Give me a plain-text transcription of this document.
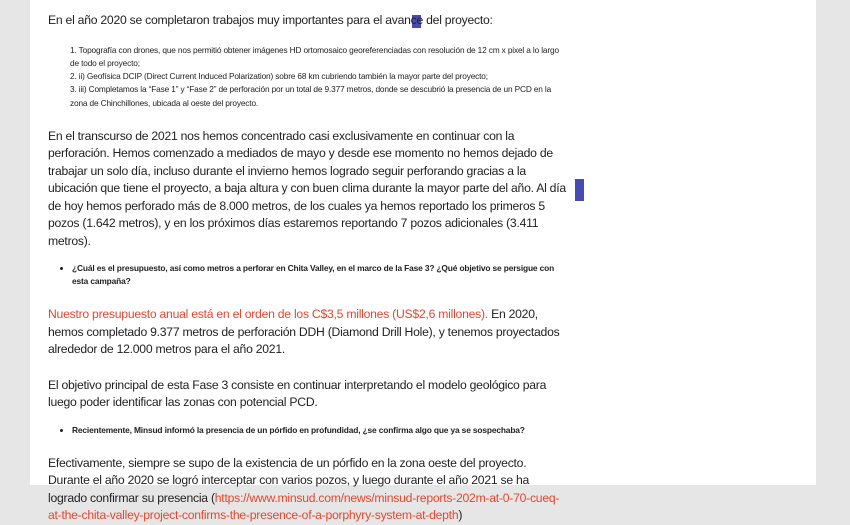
En el año 2020 se completaron trabajos muy importantes para el avance del proyecto:

1. Topografía con drones, que nos permitió obtener imágenes HD ortomosaico georeferenciadas con resolución de 12 cm x pixel a lo largo de todo el proyecto;
2. ii) Geofísica DCIP (Direct Current Induced Polarization) sobre 68 km cubriendo también la mayor parte del proyecto;
3. iii) Completamos la “Fase 1” y “Fase 2” de perforación por un total de 9.377 metros, donde se descubrió la presencia de un PCD en la zona de Chinchillones, ubicada al oeste del proyecto.

En el transcurso de 2021 nos hemos concentrado casi exclusivamente en continuar con la perforación. Hemos comenzado a mediados de mayo y desde ese momento no hemos dejado de trabajar un solo día, incluso durante el invierno hemos logrado seguir perforando gracias a la ubicación que tiene el proyecto, a baja altura y con buen clima durante la mayor parte del año. Al día de hoy hemos perforado más de 8.000 metros, de los cuales ya hemos reportado los primeros 5 pozos (1.642 metros), y en los próximos días estaremos reportando 7 pozos adicionales (3.411 metros).

• ¿Cuál es el presupuesto, así como metros a perforar en Chita Valley, en el marco de la Fase 3? ¿Qué objetivo se persigue con esta campaña?

Nuestro presupuesto anual está en el orden de los C$3,5 millones (US$2,6 millones). En 2020, hemos completado 9.377 metros de perforación DDH (Diamond Drill Hole), y tenemos proyectados alrededor de 12.000 metros para el año 2021.

El objetivo principal de esta Fase 3 consiste en continuar interpretando el modelo geológico para luego poder identificar las zonas con potencial PCD.

• Recientemente, Minsud informó la presencia de un pórfido en profundidad, ¿se confirma algo que ya se sospechaba?

Efectivamente, siempre se supo de la existencia de un pórfido en la zona oeste del proyecto. Durante el año 2020 se logró interceptar con varios pozos, y luego durante el año 2021 se ha logrado confirmar su presencia (https://www.minsud.com/news/minsud-reports-202m-at-0-70-cueq-at-the-chita-valley-project-confirms-the-presence-of-a-porphyry-system-at-depth)
